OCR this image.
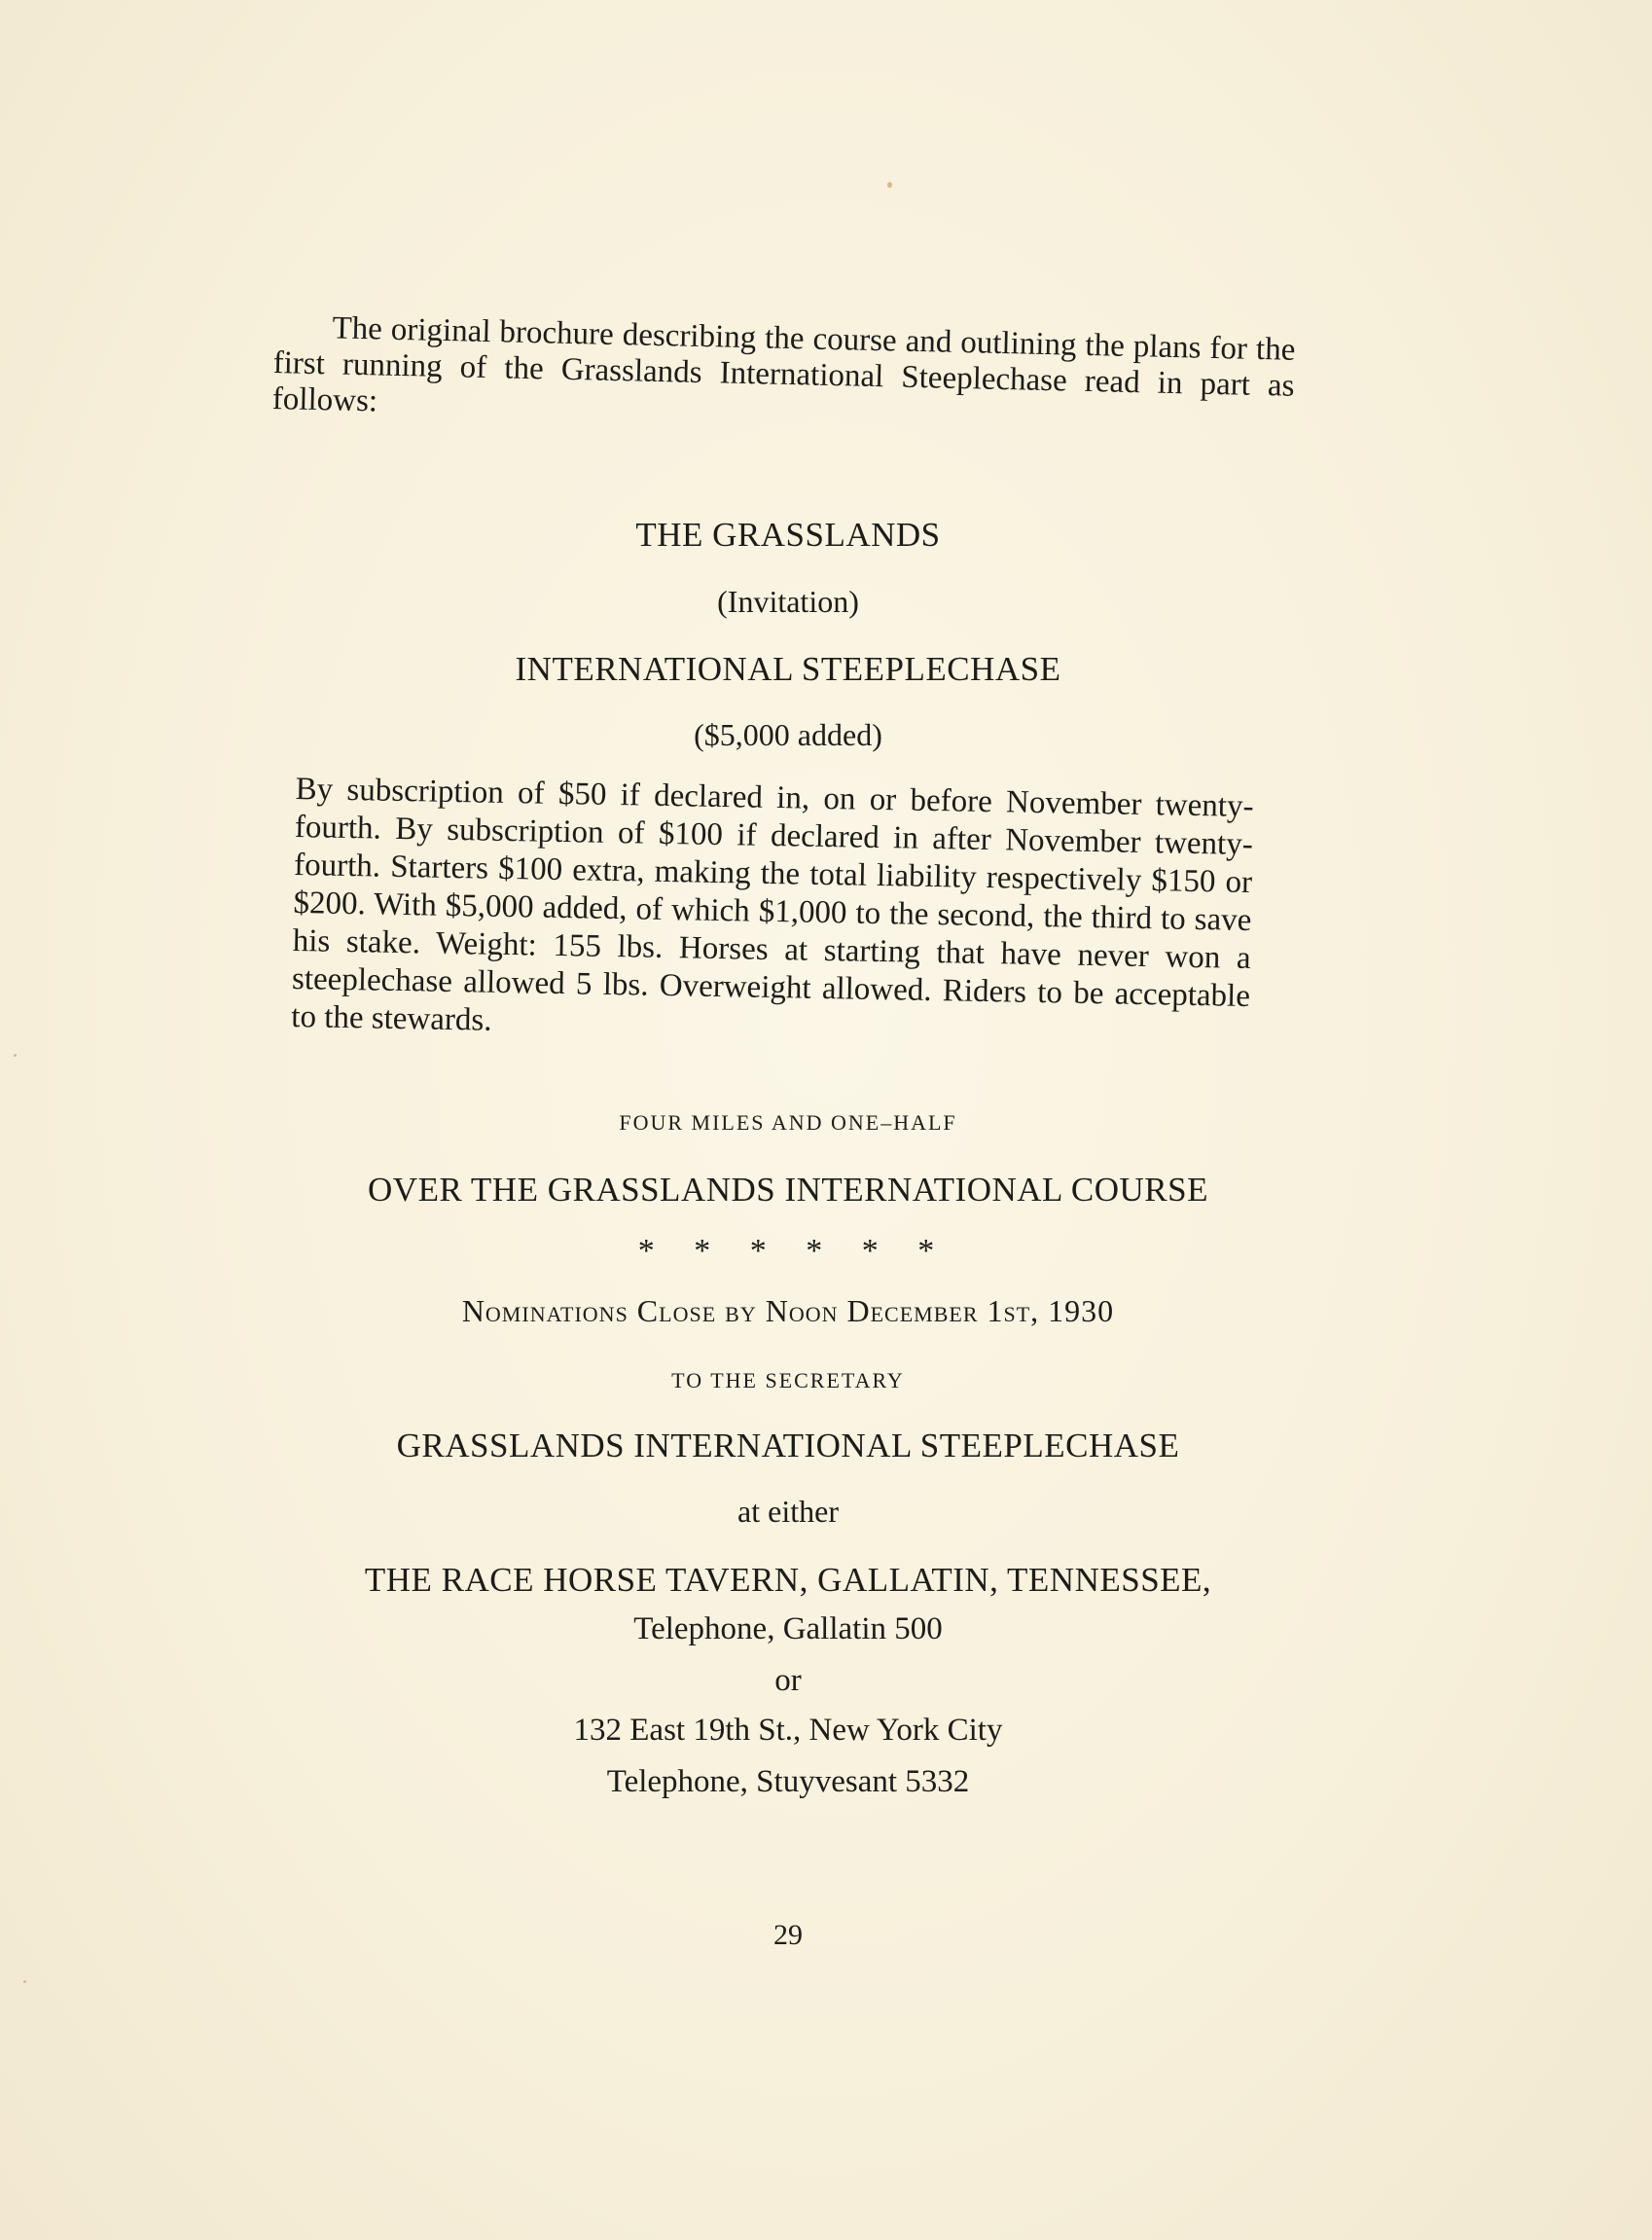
The original brochure describing the course and outlining the plans for the first running of the Grasslands International Steeplechase read in part as follows:

THE GRASSLANDS

(Invitation)

INTERNATIONAL STEEPLECHASE

($5,000 added)

By subscription of $50 if declared in, on or before November twenty-fourth. By subscription of $100 if declared in after November twenty-fourth. Starters $100 extra, making the total liability respectively $150 or $200. With $5,000 added, of which $1,000 to the second, the third to save his stake. Weight: 155 lbs. Horses at starting that have never won a steeplechase allowed 5 lbs. Overweight allowed. Riders to be acceptable to the stewards.

FOUR MILES AND ONE–HALF

OVER THE GRASSLANDS INTERNATIONAL COURSE

* * * * * *

Nominations Close by Noon December 1st, 1930

TO THE SECRETARY

GRASSLANDS INTERNATIONAL STEEPLECHASE

at either

THE RACE HORSE TAVERN, GALLATIN, TENNESSEE,

Telephone, Gallatin 500

or

132 East 19th St., New York City

Telephone, Stuyvesant 5332

29
